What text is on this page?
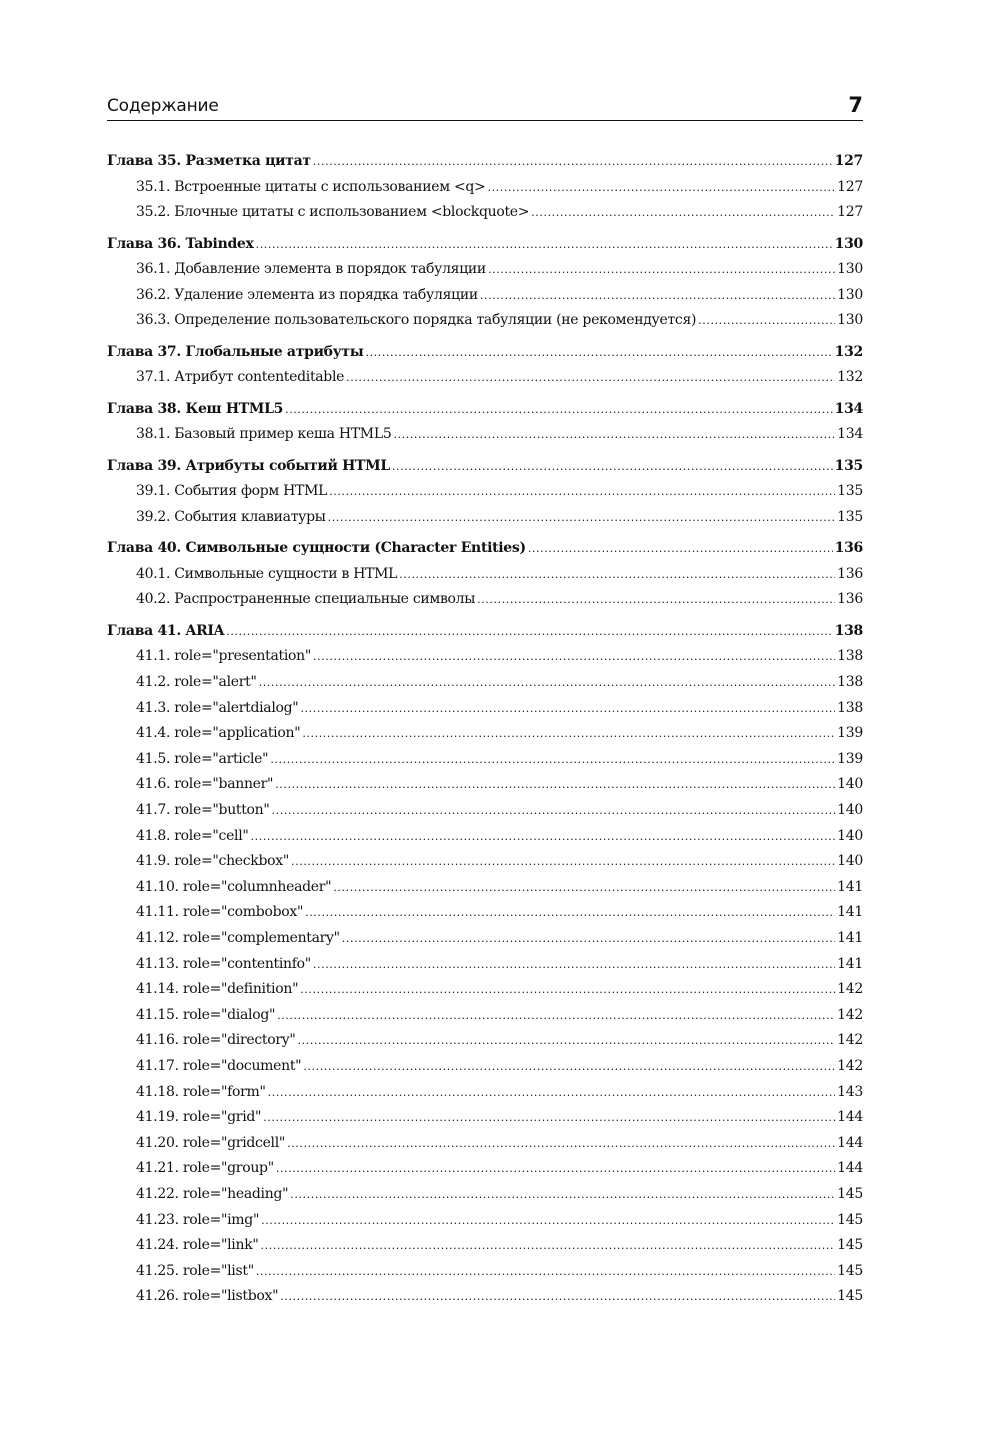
Содержание	7
Глава 35. Разметка цитат .....	127
35.1. Встроенные цитаты с использованием <q> .....	127
35.2. Блочные цитаты с использованием <blockquote> .....	127
Глава 36. Tabindex .....	130
36.1. Добавление элемента в порядок табуляции .....	130
36.2. Удаление элемента из порядка табуляции .....	130
36.3. Определение пользовательского порядка табуляции (не рекомендуется) .....	130
Глава 37. Глобальные атрибуты .....	132
37.1. Атрибут contenteditable .....	132
Глава 38. Кеш HTML5 .....	134
38.1. Базовый пример кеша HTML5 .....	134
Глава 39. Атрибуты событий HTML .....	135
39.1. События форм HTML .....	135
39.2. События клавиатуры .....	135
Глава 40. Символьные сущности (Character Entities) .....	136
40.1. Символьные сущности в HTML .....	136
40.2. Распространенные специальные символы .....	136
Глава 41. ARIA .....	138
41.1. role="presentation" .....	138
41.2. role="alert" .....	138
41.3. role="alertdialog" .....	138
41.4. role="application" .....	139
41.5. role="article" .....	139
41.6. role="banner" .....	140
41.7. role="button" .....	140
41.8. role="cell" .....	140
41.9. role="checkbox" .....	140
41.10. role="columnheader" .....	141
41.11. role="combobox" .....	141
41.12. role="complementary" .....	141
41.13. role="contentinfo" .....	141
41.14. role="definition" .....	142
41.15. role="dialog" .....	142
41.16. role="directory" .....	142
41.17. role="document" .....	142
41.18. role="form" .....	143
41.19. role="grid" .....	144
41.20. role="gridcell" .....	144
41.21. role="group" .....	144
41.22. role="heading" .....	145
41.23. role="img" .....	145
41.24. role="link" .....	145
41.25. role="list" .....	145
41.26. role="listbox" .....	145
